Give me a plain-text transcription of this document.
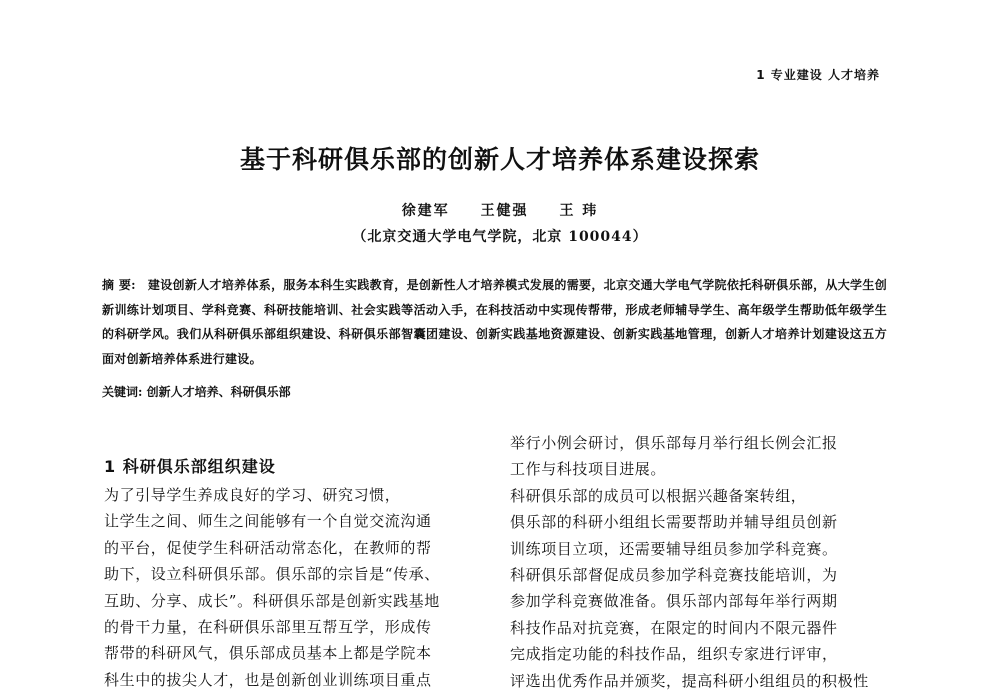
1 专业建设 人才培养
基于科研俱乐部的创新人才培养体系建设探索
徐建军 王健强 王 玮
（北京交通大学电气学院，北京 100044）
摘 要: 建设创新人才培养体系，服务本科生实践教育，是创新性人才培养模式发展的需要，北京交通大学电气学院依托科研俱乐部，从大学生创新训练计划项目、学科竞赛、科研技能培训、社会实践等活动入手，在科技活动中实现传帮带，形成老师辅导学生、高年级学生帮助低年级学生的科研学风。我们从科研俱乐部组织建设、科研俱乐部智囊团建设、创新实践基地资源建设、创新实践基地管理，创新人才培养计划建设这五方面对创新培养体系进行建设。
关键词: 创新人才培养、科研俱乐部
1 科研俱乐部组织建设
为了引导学生养成良好的学习、研究习惯，
让学生之间、师生之间能够有一个自觉交流沟通
的平台，促使学生科研活动常态化，在教师的帮
助下，设立科研俱乐部。俱乐部的宗旨是“传承、
互助、分享、成长”。科研俱乐部是创新实践基地
的骨干力量，在科研俱乐部里互帮互学，形成传
帮带的科研风气，俱乐部成员基本上都是学院本
科生中的拔尖人才，也是创新创业训练项目重点
举行小例会研讨，俱乐部每月举行组长例会汇报
工作与科技项目进展。
科研俱乐部的成员可以根据兴趣备案转组，
俱乐部的科研小组组长需要帮助并辅导组员创新
训练项目立项，还需要辅导组员参加学科竞赛。
科研俱乐部督促成员参加学科竞赛技能培训，为
参加学科竞赛做准备。俱乐部内部每年举行两期
科技作品对抗竞赛，在限定的时间内不限元器件
完成指定功能的科技作品，组织专家进行评审，
评选出优秀作品并颁奖，提高科研小组组员的积极性
